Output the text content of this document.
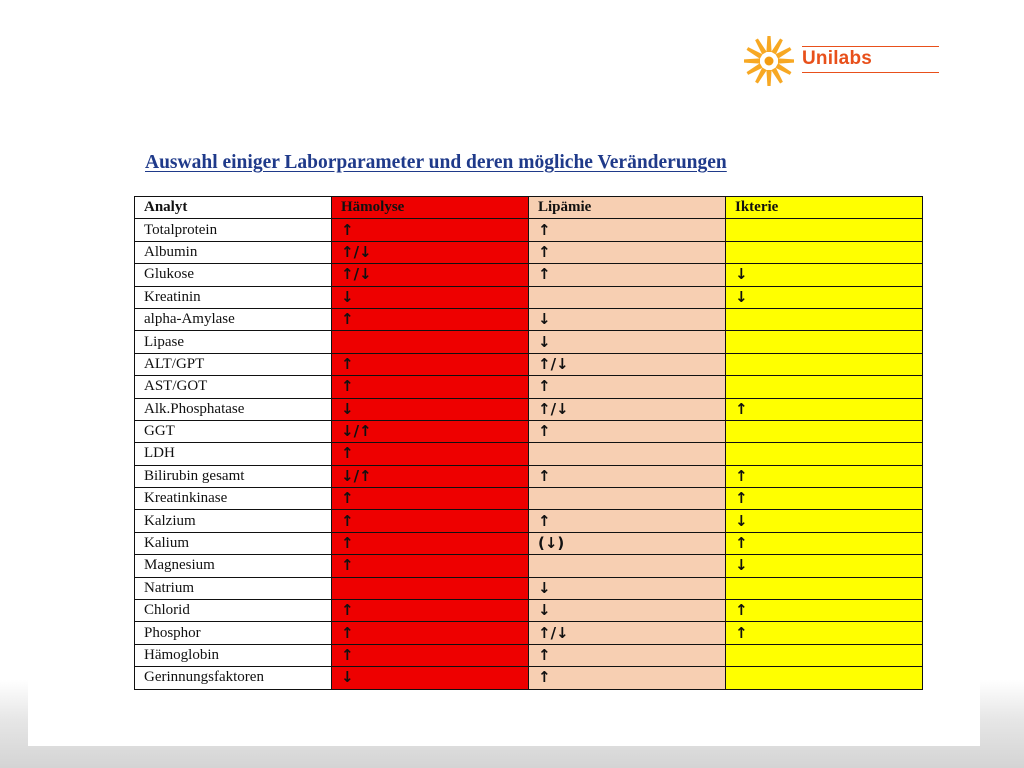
Unilabs
Auswahl einiger Laborparameter und deren mögliche Veränderungen
Analyt	Hämolyse	Lipämie	Ikterie
Totalprotein	↑	↑	
Albumin	↑/↓	↑	
Glukose	↑/↓	↑	↓
Kreatinin	↓		↓
alpha-Amylase	↑	↓	
Lipase		↓	
ALT/GPT	↑	↑/↓	
AST/GOT	↑	↑	
Alk.Phosphatase	↓	↑/↓	↑
GGT	↓/↑	↑	
LDH	↑		
Bilirubin gesamt	↓/↑	↑	↑
Kreatinkinase	↑		↑
Kalzium	↑	↑	↓
Kalium	↑	(↓)	↑
Magnesium	↑		↓
Natrium		↓	
Chlorid	↑	↓	↑
Phosphor	↑	↑/↓	↑
Hämoglobin	↑	↑	
Gerinnungsfaktoren	↓	↑	
